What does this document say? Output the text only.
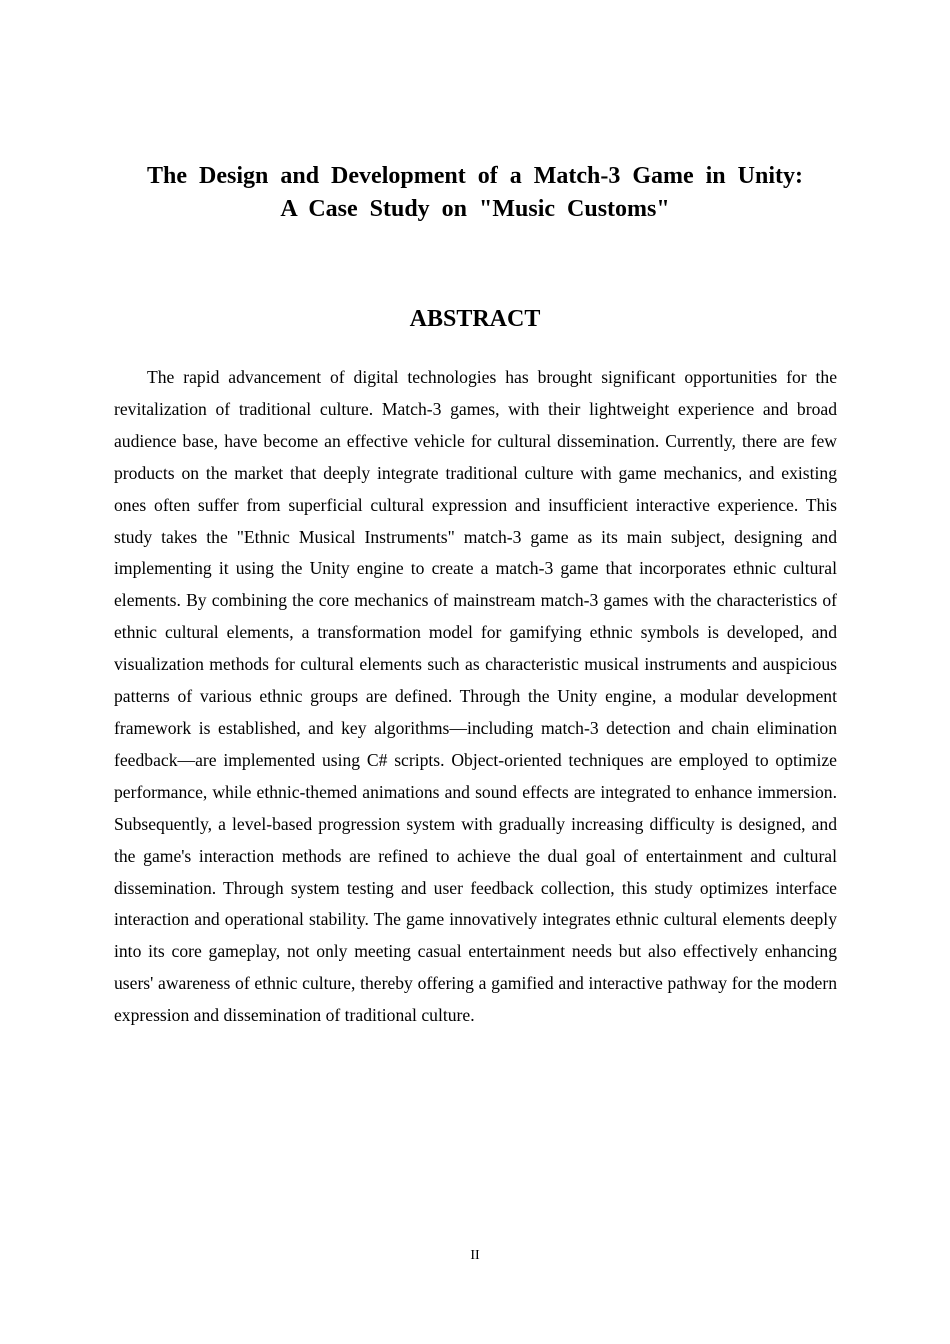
The Design and Development of a Match-3 Game in Unity:
A Case Study on "Music Customs"
ABSTRACT

The rapid advancement of digital technologies has brought significant opportunities for the revitalization of traditional culture. Match-3 games, with their lightweight experience and broad audience base, have become an effective vehicle for cultural dissemination. Currently, there are few products on the market that deeply integrate traditional culture with game mechanics, and existing ones often suffer from superficial cultural expression and insufficient interactive experience. This study takes the "Ethnic Musical Instruments" match-3 game as its main subject, designing and implementing it using the Unity engine to create a match-3 game that incorporates ethnic cultural elements. By combining the core mechanics of mainstream match-3 games with the characteristics of ethnic cultural elements, a transformation model for gamifying ethnic symbols is developed, and visualization methods for cultural elements such as characteristic musical instruments and auspicious patterns of various ethnic groups are defined. Through the Unity engine, a modular development framework is established, and key algorithms—including match-3 detection and chain elimination feedback—are implemented using C# scripts. Object-oriented techniques are employed to optimize performance, while ethnic-themed animations and sound effects are integrated to enhance immersion. Subsequently, a level-based progression system with gradually increasing difficulty is designed, and the game's interaction methods are refined to achieve the dual goal of entertainment and cultural dissemination. Through system testing and user feedback collection, this study optimizes interface interaction and operational stability. The game innovatively integrates ethnic cultural elements deeply into its core gameplay, not only meeting casual entertainment needs but also effectively enhancing users' awareness of ethnic culture, thereby offering a gamified and interactive pathway for the modern expression and dissemination of traditional culture.

II
